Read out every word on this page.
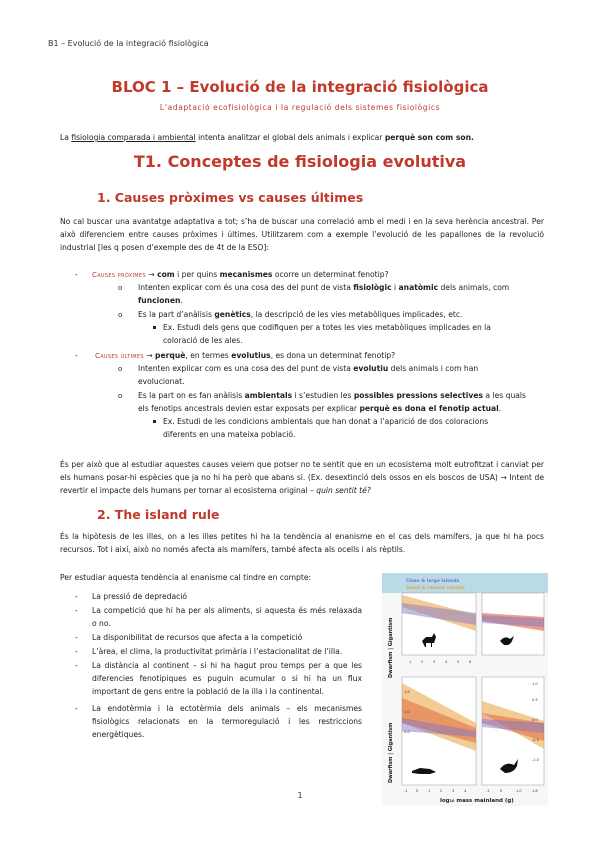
B1 – Evolució de la integració fisiològica
BLOC 1 – Evolució de la integració fisiològica
L’adaptació ecofisiològica i la regulació dels sistemes fisiològics
La fisiologia comparada i ambiental intenta analitzar el global dels animals i explicar perquè son com son.
T1. Conceptes de fisiologia evolutiva
1. Causes pròximes vs causes últimes
No cal buscar una avantatge adaptativa a tot; s’ha de buscar una correlació amb el medi i en la seva herència ancestral. Per això diferenciem entre causes pròximes i últimes. Utilitzarem com a exemple l’evolució de les papallones de la revolució industrial [les q posen d’exemple des de 4t de la ESO]:
- Causes pròximes → com i per quins mecanismes ocorre un determinat fenotip?
o Intenten explicar com és una cosa des del punt de vista fisiològic i anatòmic dels animals, com
funcionen.
o Es la part d’anàlisis genètics, la descripció de les vies metabòliques implicades, etc.
Ex. Estudi dels gens que codifiquen per a totes les vies metabòliques implicades en la
coloració de les ales.
- Causes últimes → perquè, en termes evolutius, es dona un determinat fenotip?
o Intenten explicar com es una cosa des del punt de vista evolutiu dels animals i com han
evolucionat.
o Es la part on es fan anàlisis ambientals i s’estudien les possibles pressions selectives a les quals
els fenotips ancestrals devien estar exposats per explicar perquè es dona el fenotip actual.
Ex. Estudi de les condicions ambientals que han donat a l’aparició de dos coloracions
diferents en una mateixa població.
És per això que al estudiar aquestes causes veiem que potser no te sentit que en un ecosistema molt eutrofitzat i canviat per els humans posar-hi espècies que ja no hi ha però que abans si. (Ex. desextinció dels ossos en els boscos de USA) → Intent de revertir el impacte dels humans per tornar al ecosistema original – quin sentit té?
2. The island rule
És la hipòtesis de les illes, on a les illes petites hi ha la tendència al enanisme en el cas dels mamífers, ja que hi ha pocs recursos. Tot i així, això no només afecta als mamífers, també afecta als ocells i als rèptils.
Per estudiar aquesta tendència al enanisme cal tindre en compte:
- La pressió de depredació
- La competició que hi ha per als aliments, si aquesta és més relaxada o no.
- La disponibilitat de recursos que afecta a la competició
- L’àrea, el clima, la productivitat primària i l’estacionalitat de l’illa.
- La distància al continent – si hi ha hagut prou temps per a que les diferencies fenotípiques es puguin acumular o si hi ha un flux important de gens entre la població de la illa i la continental.
- La endotèrmia i la ectotèrmia dels animals – els mecanismes fisiològics relacionats en la termoregulació i les restriccions energètiques.
Close & large islands
Small & remote islands
Dwarfism | Gigantism
Dwarfism | Gigantism
1	2	3	4	5	6
1.5
1.0
0.0
1.0
0.5
0.0
-0.5
-1.0
-1 0	1	2	3	4	-1	0	1.0	1.6
log₁₀ mass mainland (g)
1
